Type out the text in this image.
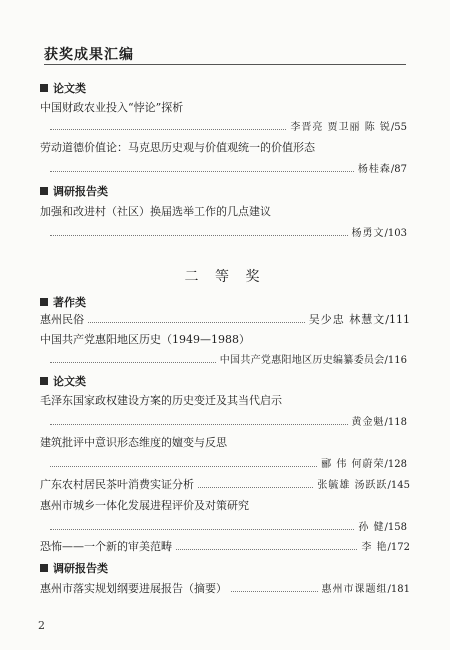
获奖成果汇编
论文类
中国财政农业投入“悖论”探析
李晋亮 贾卫丽 陈 锐 /55
劳动道德价值论：马克思历史观与价值观统一的价值形态
杨桂森 /87
调研报告类
加强和改进村（社区）换届选举工作的几点建议
杨勇文 /103
二 等 奖
著作类
惠州民俗	吴少忠 林慧文 /111
中国共产党惠阳地区历史（1949—1988）
中国共产党惠阳地区历史编纂委员会 /116
论文类
毛泽东国家政权建设方案的历史变迁及其当代启示
黄金魁 /118
建筑批评中意识形态维度的嬗变与反思
郦 伟 何蔚荣 /128
广东农村居民茶叶消费实证分析	张毓雄 汤跃跃 /145
惠州市城乡一体化发展进程评价及对策研究
孙 健 /158
恐怖——一个新的审美范畴	李 艳 /172
调研报告类
惠州市落实规划纲要进展报告（摘要）	惠州市课题组 /181
2
